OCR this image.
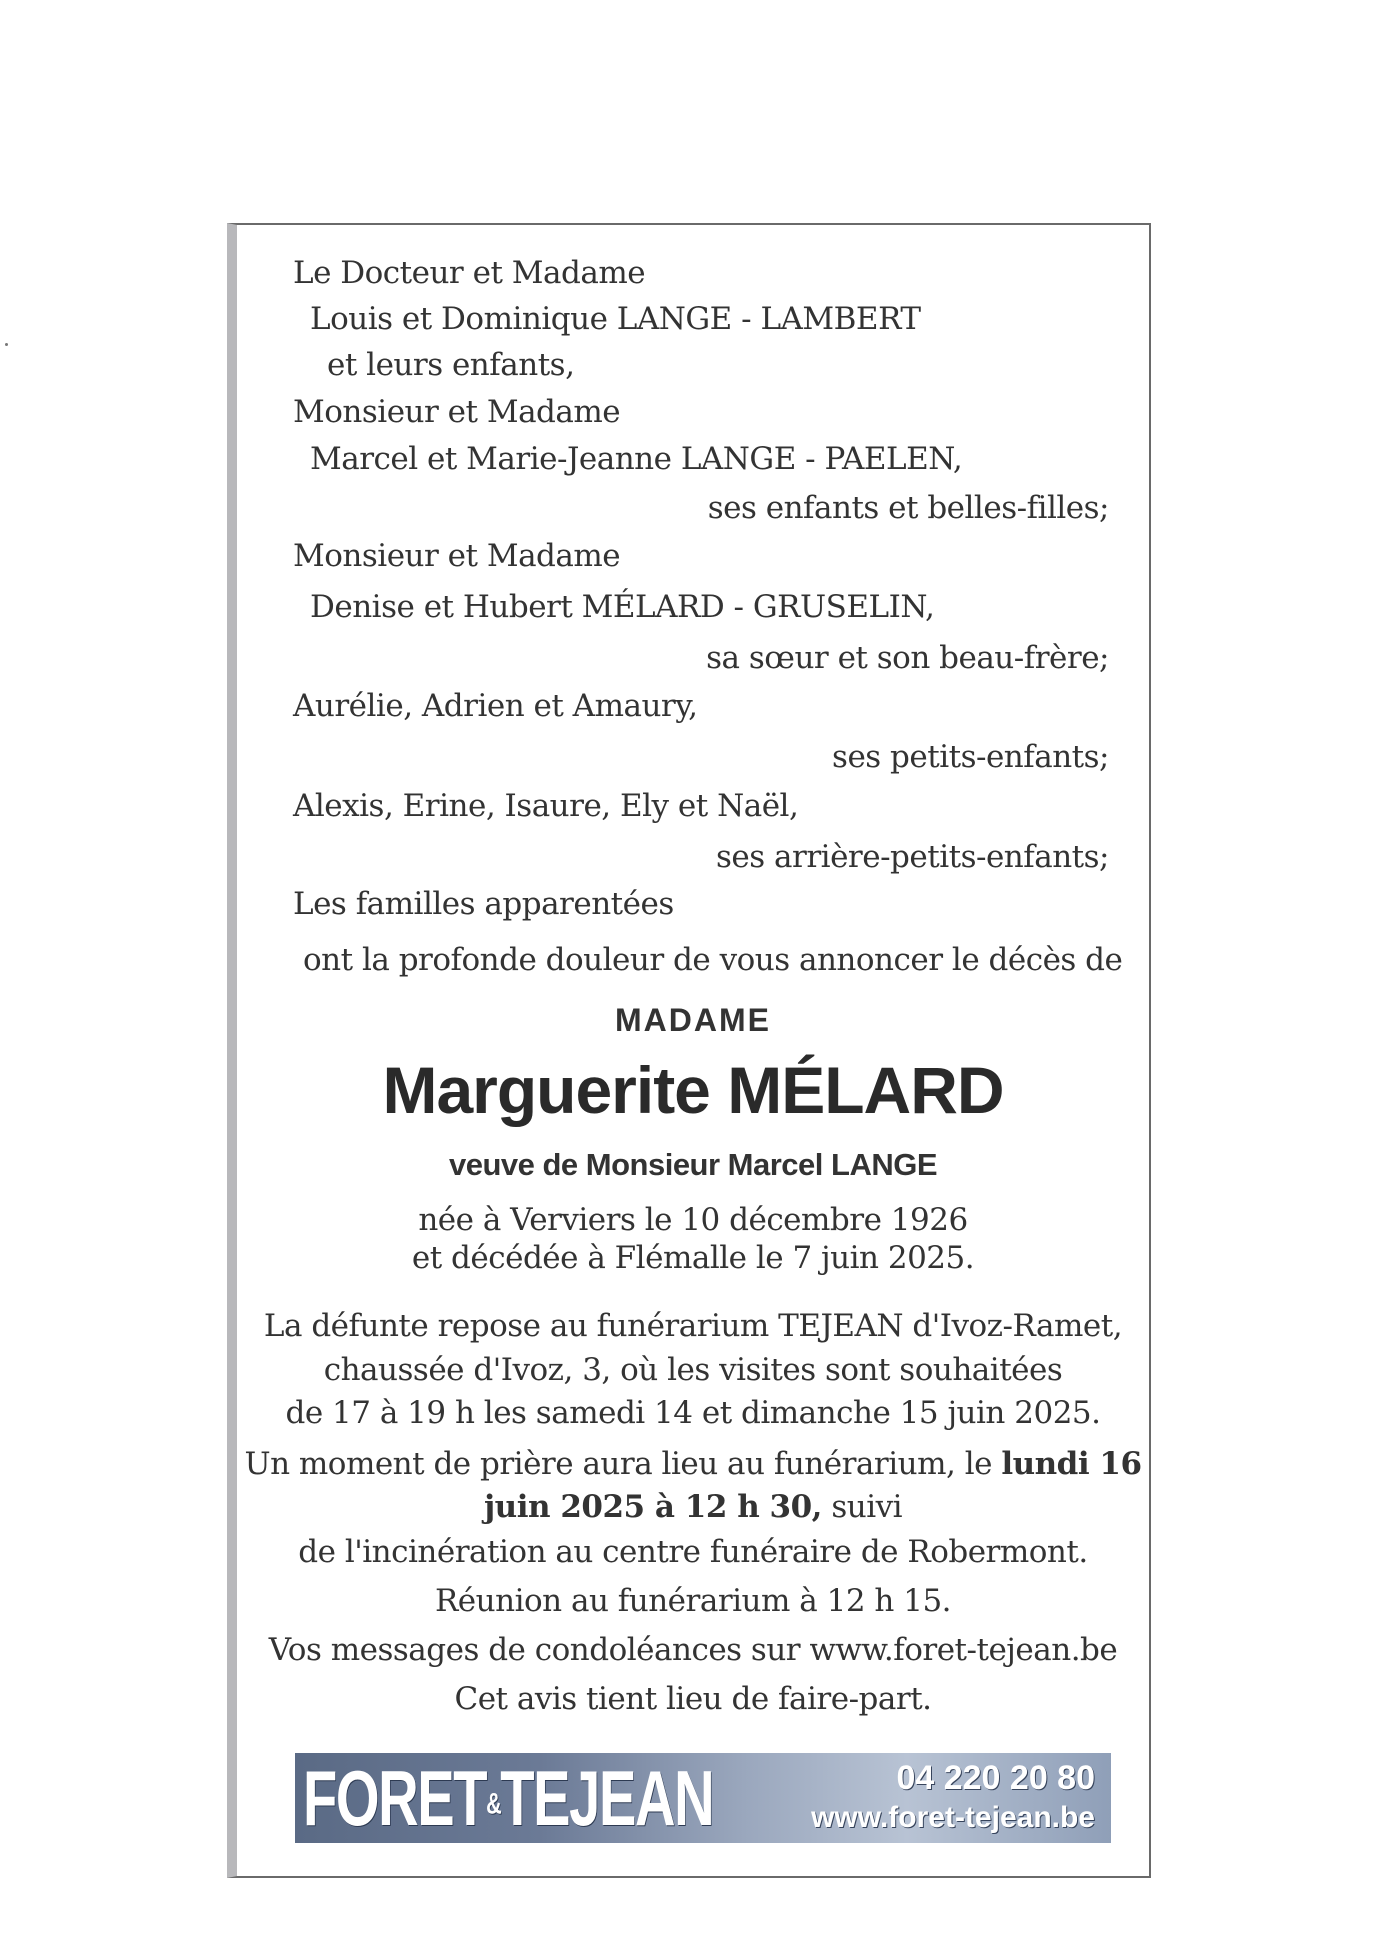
Le Docteur et Madame
Louis et Dominique LANGE - LAMBERT
et leurs enfants,
Monsieur et Madame
Marcel et Marie-Jeanne LANGE - PAELEN,
ses enfants et belles-filles;
Monsieur et Madame
Denise et Hubert MÉLARD - GRUSELIN,
sa sœur et son beau-frère;
Aurélie, Adrien et Amaury,
ses petits-enfants;
Alexis, Erine, Isaure, Ely et Naël,
ses arrière-petits-enfants;
Les familles apparentées
ont la profonde douleur de vous annoncer le décès de
MADAME
Marguerite MÉLARD
veuve de Monsieur Marcel LANGE
née à Verviers le 10 décembre 1926
et décédée à Flémalle le 7 juin 2025.
La défunte repose au funérarium TEJEAN d'Ivoz-Ramet,
chaussée d'Ivoz, 3, où les visites sont souhaitées
de 17 à 19 h les samedi 14 et dimanche 15 juin 2025.
Un moment de prière aura lieu au funérarium, le lundi 16
juin 2025 à 12 h 30, suivi
de l'incinération au centre funéraire de Robermont.
Réunion au funérarium à 12 h 15.
Vos messages de condoléances sur www.foret-tejean.be
Cet avis tient lieu de faire-part.
FORET&TEJEAN	04 220 20 80
www.foret-tejean.be
